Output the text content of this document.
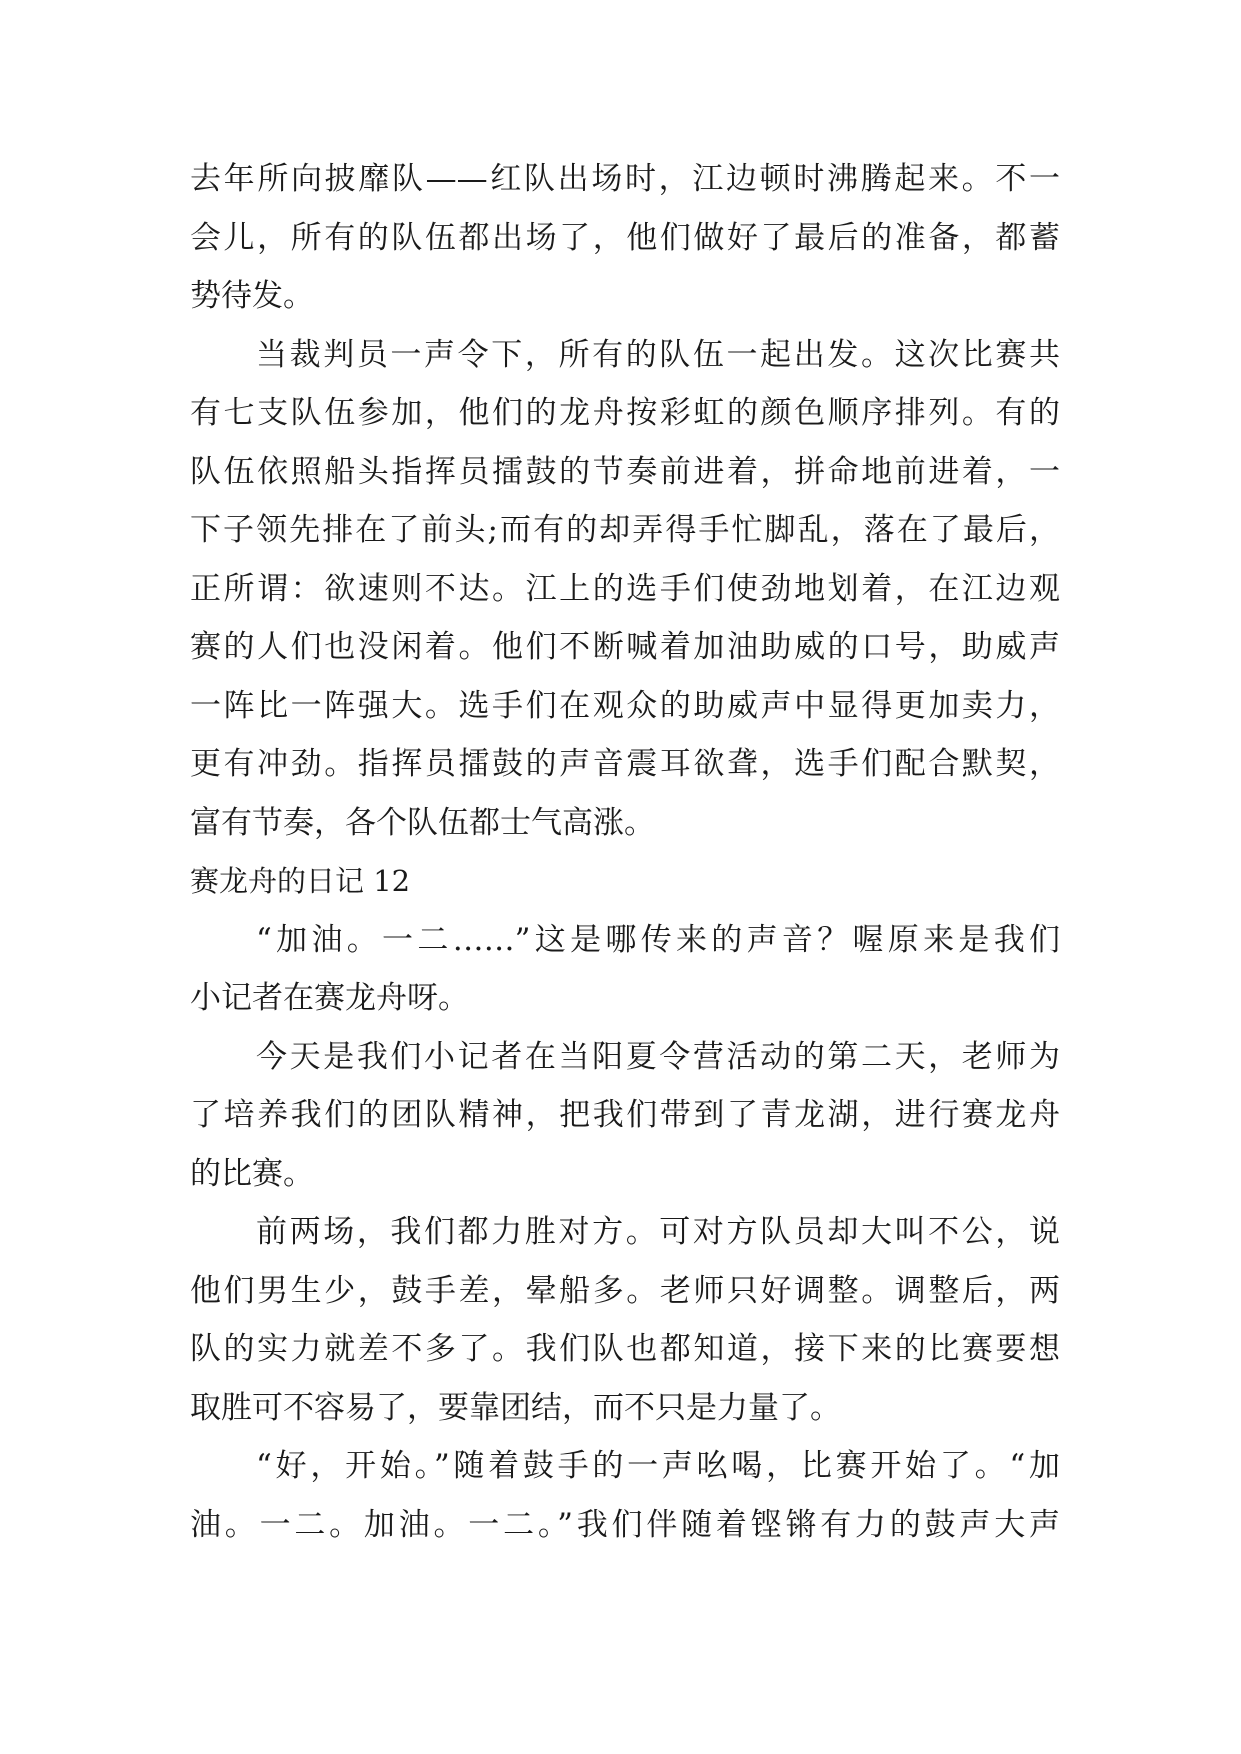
去年所向披靡队——红队出场时，江边顿时沸腾起来。不一
会儿，所有的队伍都出场了，他们做好了最后的准备，都蓄
势待发。
当裁判员一声令下，所有的队伍一起出发。这次比赛共
有七支队伍参加，他们的龙舟按彩虹的颜色顺序排列。有的
队伍依照船头指挥员擂鼓的节奏前进着，拼命地前进着，一
下子领先排在了前头;而有的却弄得手忙脚乱，落在了最后，
正所谓：欲速则不达。江上的选手们使劲地划着，在江边观
赛的人们也没闲着。他们不断喊着加油助威的口号，助威声
一阵比一阵强大。选手们在观众的助威声中显得更加卖力，
更有冲劲。指挥员擂鼓的声音震耳欲聋，选手们配合默契，
富有节奏，各个队伍都士气高涨。
赛龙舟的日记 12
“加油。一二……”这是哪传来的声音？喔原来是我们
小记者在赛龙舟呀。
今天是我们小记者在当阳夏令营活动的第二天，老师为
了培养我们的团队精神，把我们带到了青龙湖，进行赛龙舟
的比赛。
前两场，我们都力胜对方。可对方队员却大叫不公，说
他们男生少，鼓手差，晕船多。老师只好调整。调整后，两
队的实力就差不多了。我们队也都知道，接下来的比赛要想
取胜可不容易了，要靠团结，而不只是力量了。
“好，开始。”随着鼓手的一声吆喝，比赛开始了。“加
油。一二。加油。一二。”我们伴随着铿锵有力的鼓声大声
